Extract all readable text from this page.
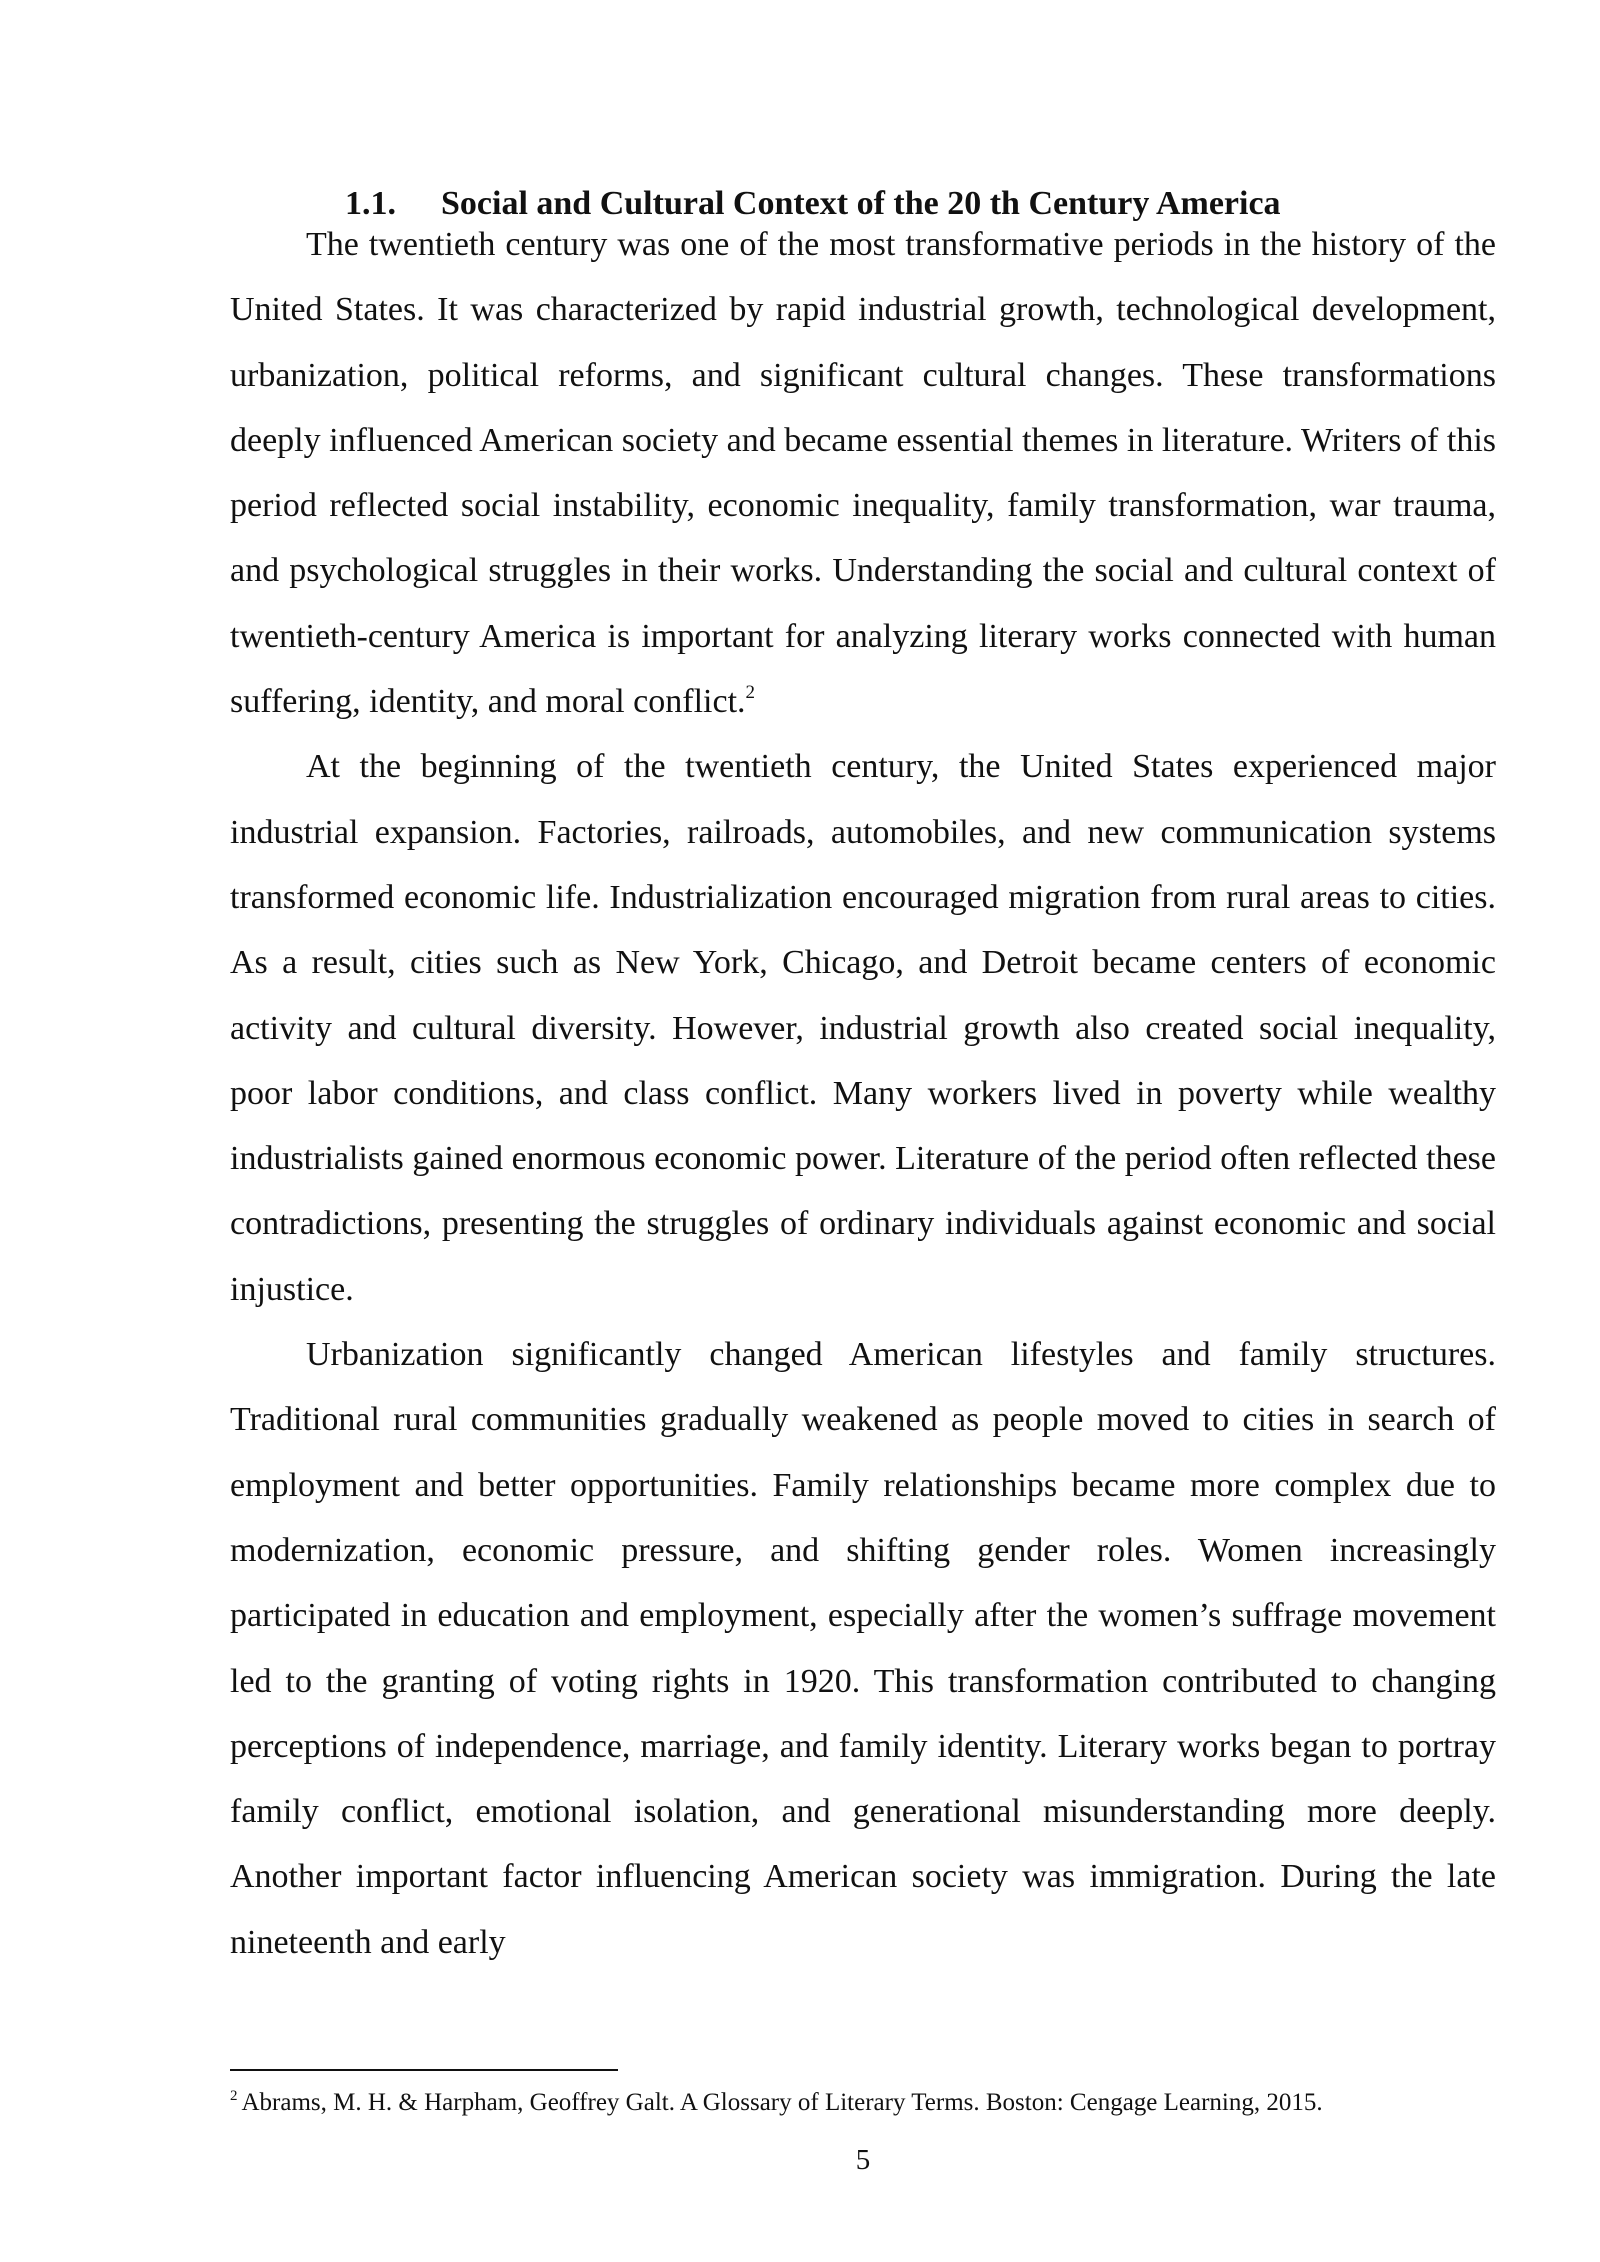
1.1. Social and Cultural Context of the 20 th Century America

The twentieth century was one of the most transformative periods in the history of the United States. It was characterized by rapid industrial growth, technological development, urbanization, political reforms, and significant cultural changes. These transformations deeply influenced American society and became essential themes in literature. Writers of this period reflected social instability, economic inequality, family transformation, war trauma, and psychological struggles in their works. Understanding the social and cultural context of twentieth-century America is important for analyzing literary works connected with human suffering, identity, and moral conflict.$^2$

At the beginning of the twentieth century, the United States experienced major industrial expansion. Factories, railroads, automobiles, and new communication systems transformed economic life. Industrialization encouraged migration from rural areas to cities. As a result, cities such as New York, Chicago, and Detroit became centers of economic activity and cultural diversity. However, industrial growth also created social inequality, poor labor conditions, and class conflict. Many workers lived in poverty while wealthy industrialists gained enormous economic power. Literature of the period often reflected these contradictions, presenting the struggles of ordinary individuals against economic and social injustice.

Urbanization significantly changed American lifestyles and family structures. Traditional rural communities gradually weakened as people moved to cities in search of employment and better opportunities. Family relationships became more complex due to modernization, economic pressure, and shifting gender roles. Women increasingly participated in education and employment, especially after the women’s suffrage movement led to the granting of voting rights in 1920. This transformation contributed to changing perceptions of independence, marriage, and family identity. Literary works began to portray family conflict, emotional isolation, and generational misunderstanding more deeply. Another important factor influencing American society was immigration. During the late nineteenth and early

$^2$ Abrams, M. H. & Harpham, Geoffrey Galt. A Glossary of Literary Terms. Boston: Cengage Learning, 2015.
5
